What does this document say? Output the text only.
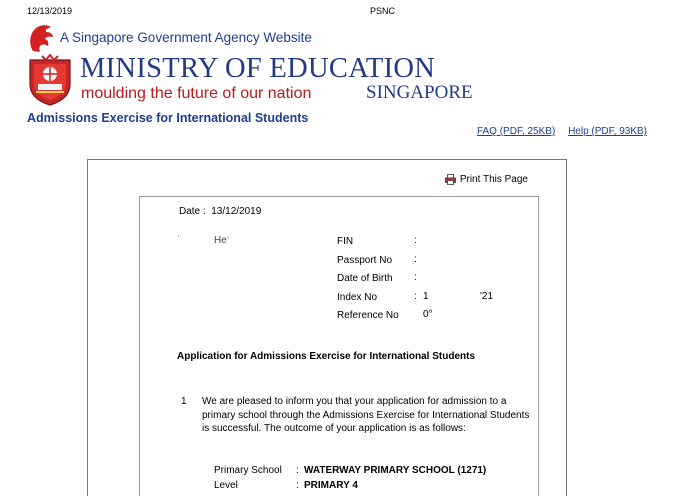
12/13/2019	PSNC
A Singapore Government Agency Website
MINISTRY OF EDUCATION
moulding the future of our nation	SINGAPORE
Admissions Exercise for International Students
FAQ (PDF, 25KB) Help (PDF, 93KB)
Print This Page
Date : 13/12/2019
ˈ	Heˑ	FIN	:
Passport No	:
Date of Birth	:
Index No	: 1	'21
Reference No	0°
Application for Admissions Exercise for International Students
1 We are pleased to inform you that your application for admission to a primary school through the Admissions Exercise for International Students is successful. The outcome of your application is as follows:
Primary School : WATERWAY PRIMARY SCHOOL (1271)
Level	: PRIMARY 4
